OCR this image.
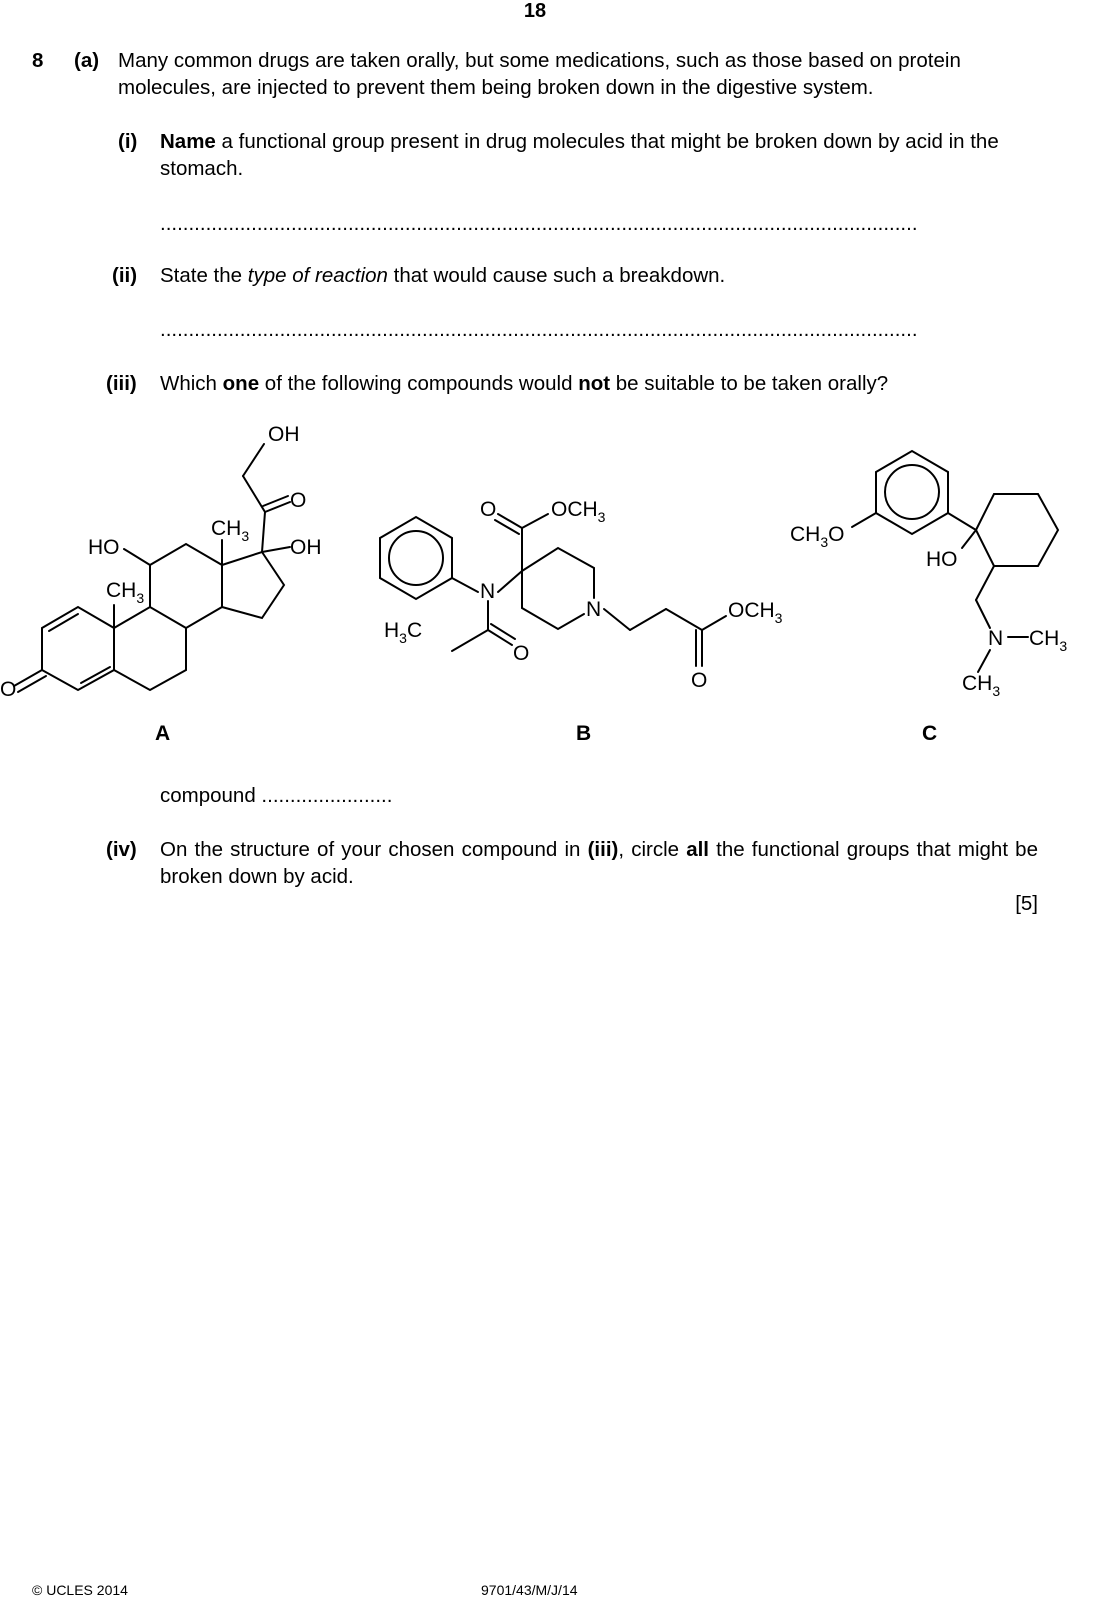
18
8 (a) Many common drugs are taken orally, but some medications, such as those based on protein molecules, are injected to prevent them being broken down in the digestive system.
(i) Name a functional group present in drug molecules that might be broken down by acid in the stomach.
.....................................................................................................................................
(ii) State the type of reaction that would cause such a breakdown.
.....................................................................................................................................
(iii) Which one of the following compounds would not be suitable to be taken orally?
OH
O
OH
HO
$CH_3$
$CH_3$
O
O	$OCH_3$
N
N	$OCH_3$
$H_3C$
O
O
$CH_3O$
HO
N $CH_3$
$CH_3$
A	B	C
compound .......................
(iv) On the structure of your chosen compound in (iii), circle all the functional groups that might be broken down by acid.
[5]
© UCLES 2014	9701/43/M/J/14
